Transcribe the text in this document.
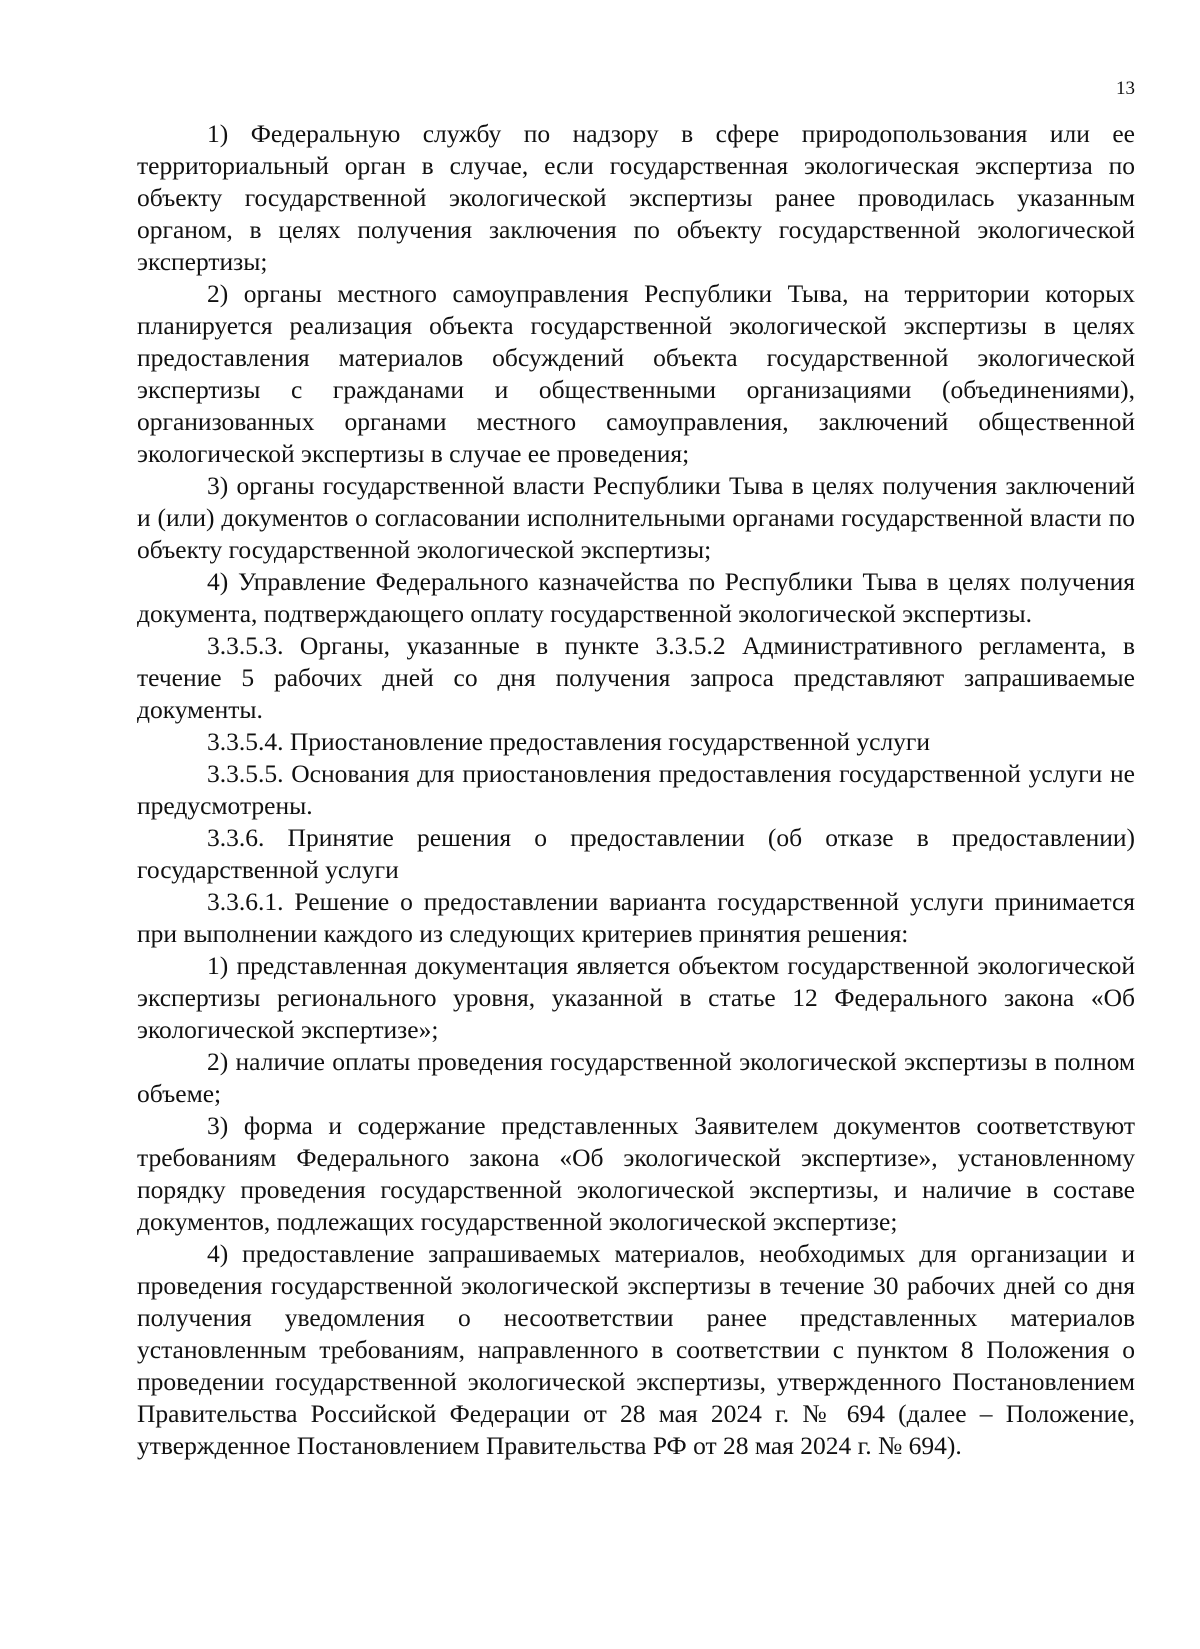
13

1) Федеральную службу по надзору в сфере природопользования или ее территориальный орган в случае, если государственная экологическая экспертиза по объекту государственной экологической экспертизы ранее проводилась указанным органом, в целях получения заключения по объекту государственной экологической экспертизы;

2) органы местного самоуправления Республики Тыва, на территории которых планируется реализация объекта государственной экологической экспертизы в целях предоставления материалов обсуждений объекта государственной экологической экспертизы с гражданами и общественными организациями (объединениями), организованных органами местного самоуправления, заключений общественной экологической экспертизы в случае ее проведения;

3) органы государственной власти Республики Тыва в целях получения заключений и (или) документов о согласовании исполнительными органами государственной власти по объекту государственной экологической экспертизы;

4) Управление Федерального казначейства по Республики Тыва в целях получения документа, подтверждающего оплату государственной экологической экспертизы.

3.3.5.3. Органы, указанные в пункте 3.3.5.2 Административного регламента, в течение 5 рабочих дней со дня получения запроса представляют запрашиваемые документы.

3.3.5.4. Приостановление предоставления государственной услуги

3.3.5.5. Основания для приостановления предоставления государственной услуги не предусмотрены.

3.3.6. Принятие решения о предоставлении (об отказе в предоставлении) государственной услуги

3.3.6.1. Решение о предоставлении варианта государственной услуги принимается при выполнении каждого из следующих критериев принятия решения:

1) представленная документация является объектом государственной экологической экспертизы регионального уровня, указанной в статье 12 Федерального закона «Об экологической экспертизе»;

2) наличие оплаты проведения государственной экологической экспертизы в полном объеме;

3) форма и содержание представленных Заявителем документов соответствуют требованиям Федерального закона «Об экологической экспертизе», установленному порядку проведения государственной экологической экспертизы, и наличие в составе документов, подлежащих государственной экологической экспертизе;

4) предоставление запрашиваемых материалов, необходимых для организации и проведения государственной экологической экспертизы в течение 30 рабочих дней со дня получения уведомления о несоответствии ранее представленных материалов установленным требованиям, направленного в соответствии с пунктом 8 Положения о проведении государственной экологической экспертизы, утвержденного Постановлением Правительства Российской Федерации от 28 мая 2024 г. № 694 (далее – Положение, утвержденное Постановлением Правительства РФ от 28 мая 2024 г. № 694).
